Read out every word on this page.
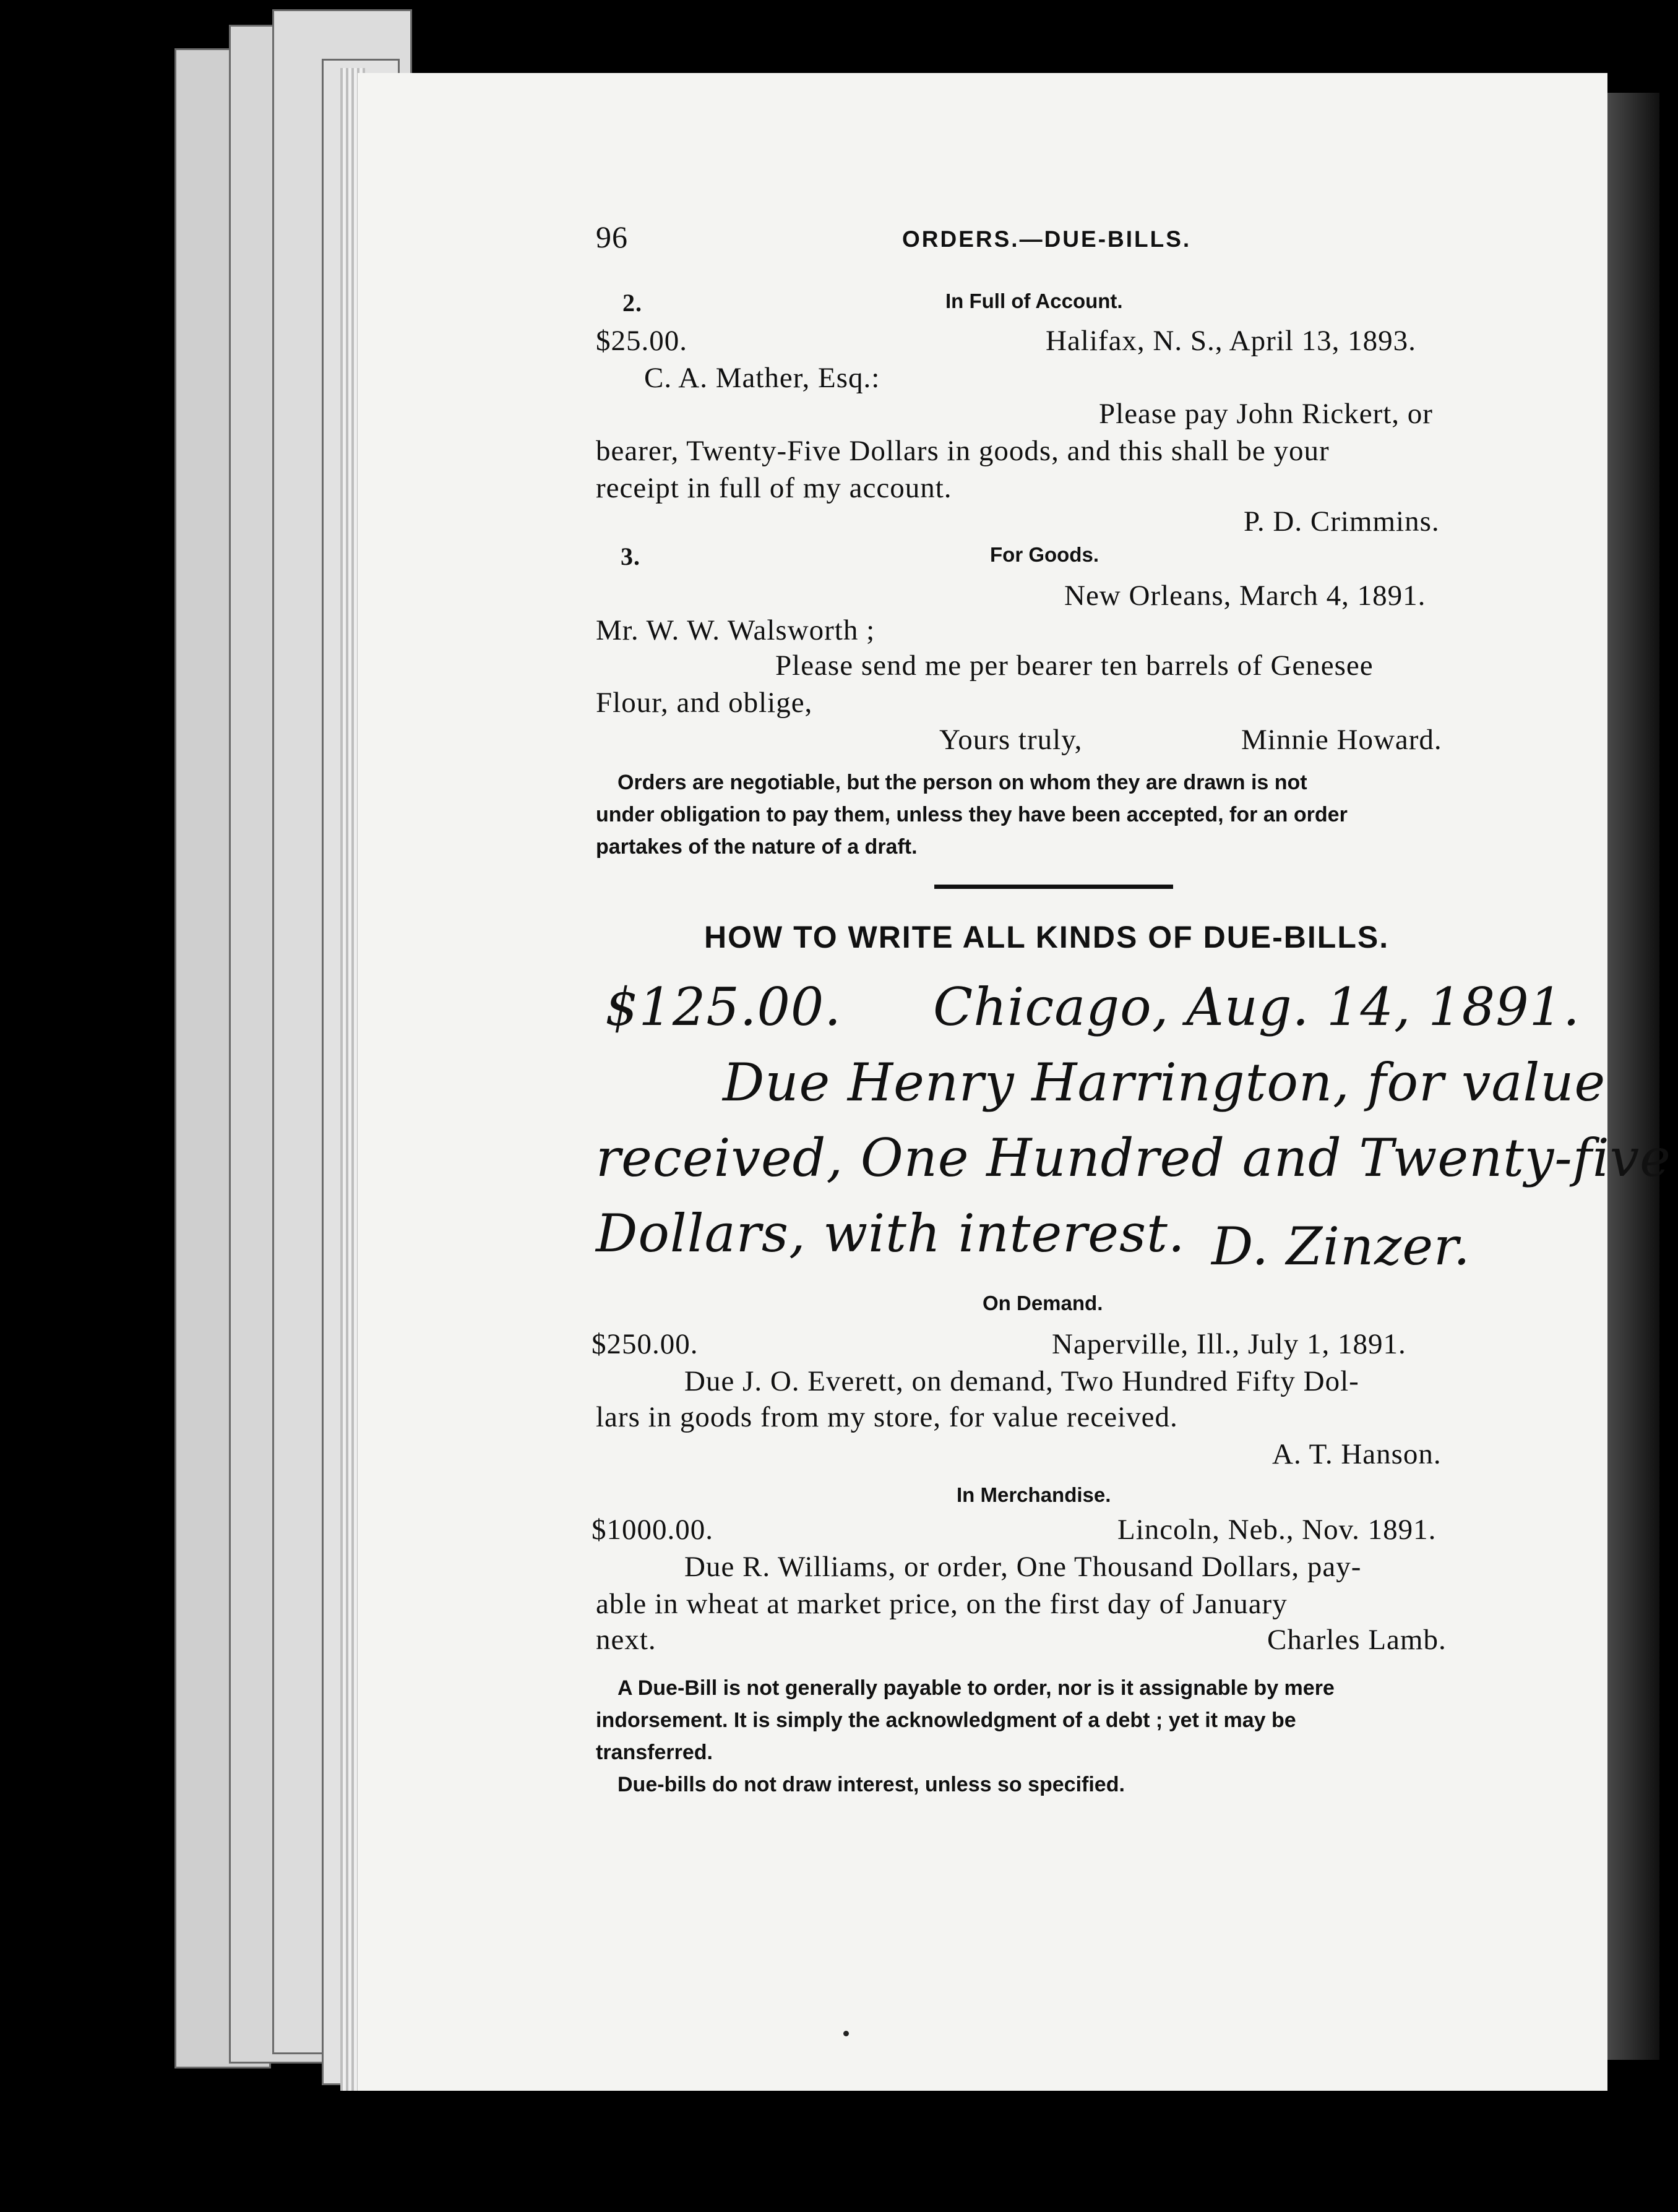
96	ORDERS.—DUE-BILLS.
2.	In Full of Account.
$25.00.	Halifax, N. S., April 13, 1893.
C. A. Mather, Esq.:
Please pay John Rickert, or
bearer, Twenty-Five Dollars in goods, and this shall be your
receipt in full of my account.
P. D. Crimmins.
3.	For Goods.
New Orleans, March 4, 1891.
Mr. W. W. Walsworth ;
Please send me per bearer ten barrels of Genesee
Flour, and oblige,
Yours truly,	Minnie Howard.
Orders are negotiable, but the person on whom they are drawn is not
under obligation to pay them, unless they have been accepted, for an order
partakes of the nature of a draft.
HOW TO WRITE ALL KINDS OF DUE-BILLS.
$125.00. Chicago, Aug. 14, 1891.
Due Henry Harrington, for value
received, One Hundred and Twenty-five
Dollars, with interest. D. Zinzer.
On Demand.
$250.00.	Naperville, Ill., July 1, 1891.
Due J. O. Everett, on demand, Two Hundred Fifty Dol-
lars in goods from my store, for value received.
A. T. Hanson.
In Merchandise.
$1000.00.	Lincoln, Neb., Nov. 1891.
Due R. Williams, or order, One Thousand Dollars, pay-
able in wheat at market price, on the first day of January
next.	Charles Lamb.
A Due-Bill is not generally payable to order, nor is it assignable by mere
indorsement. It is simply the acknowledgment of a debt ; yet it may be
transferred.
Due-bills do not draw interest, unless so specified.
